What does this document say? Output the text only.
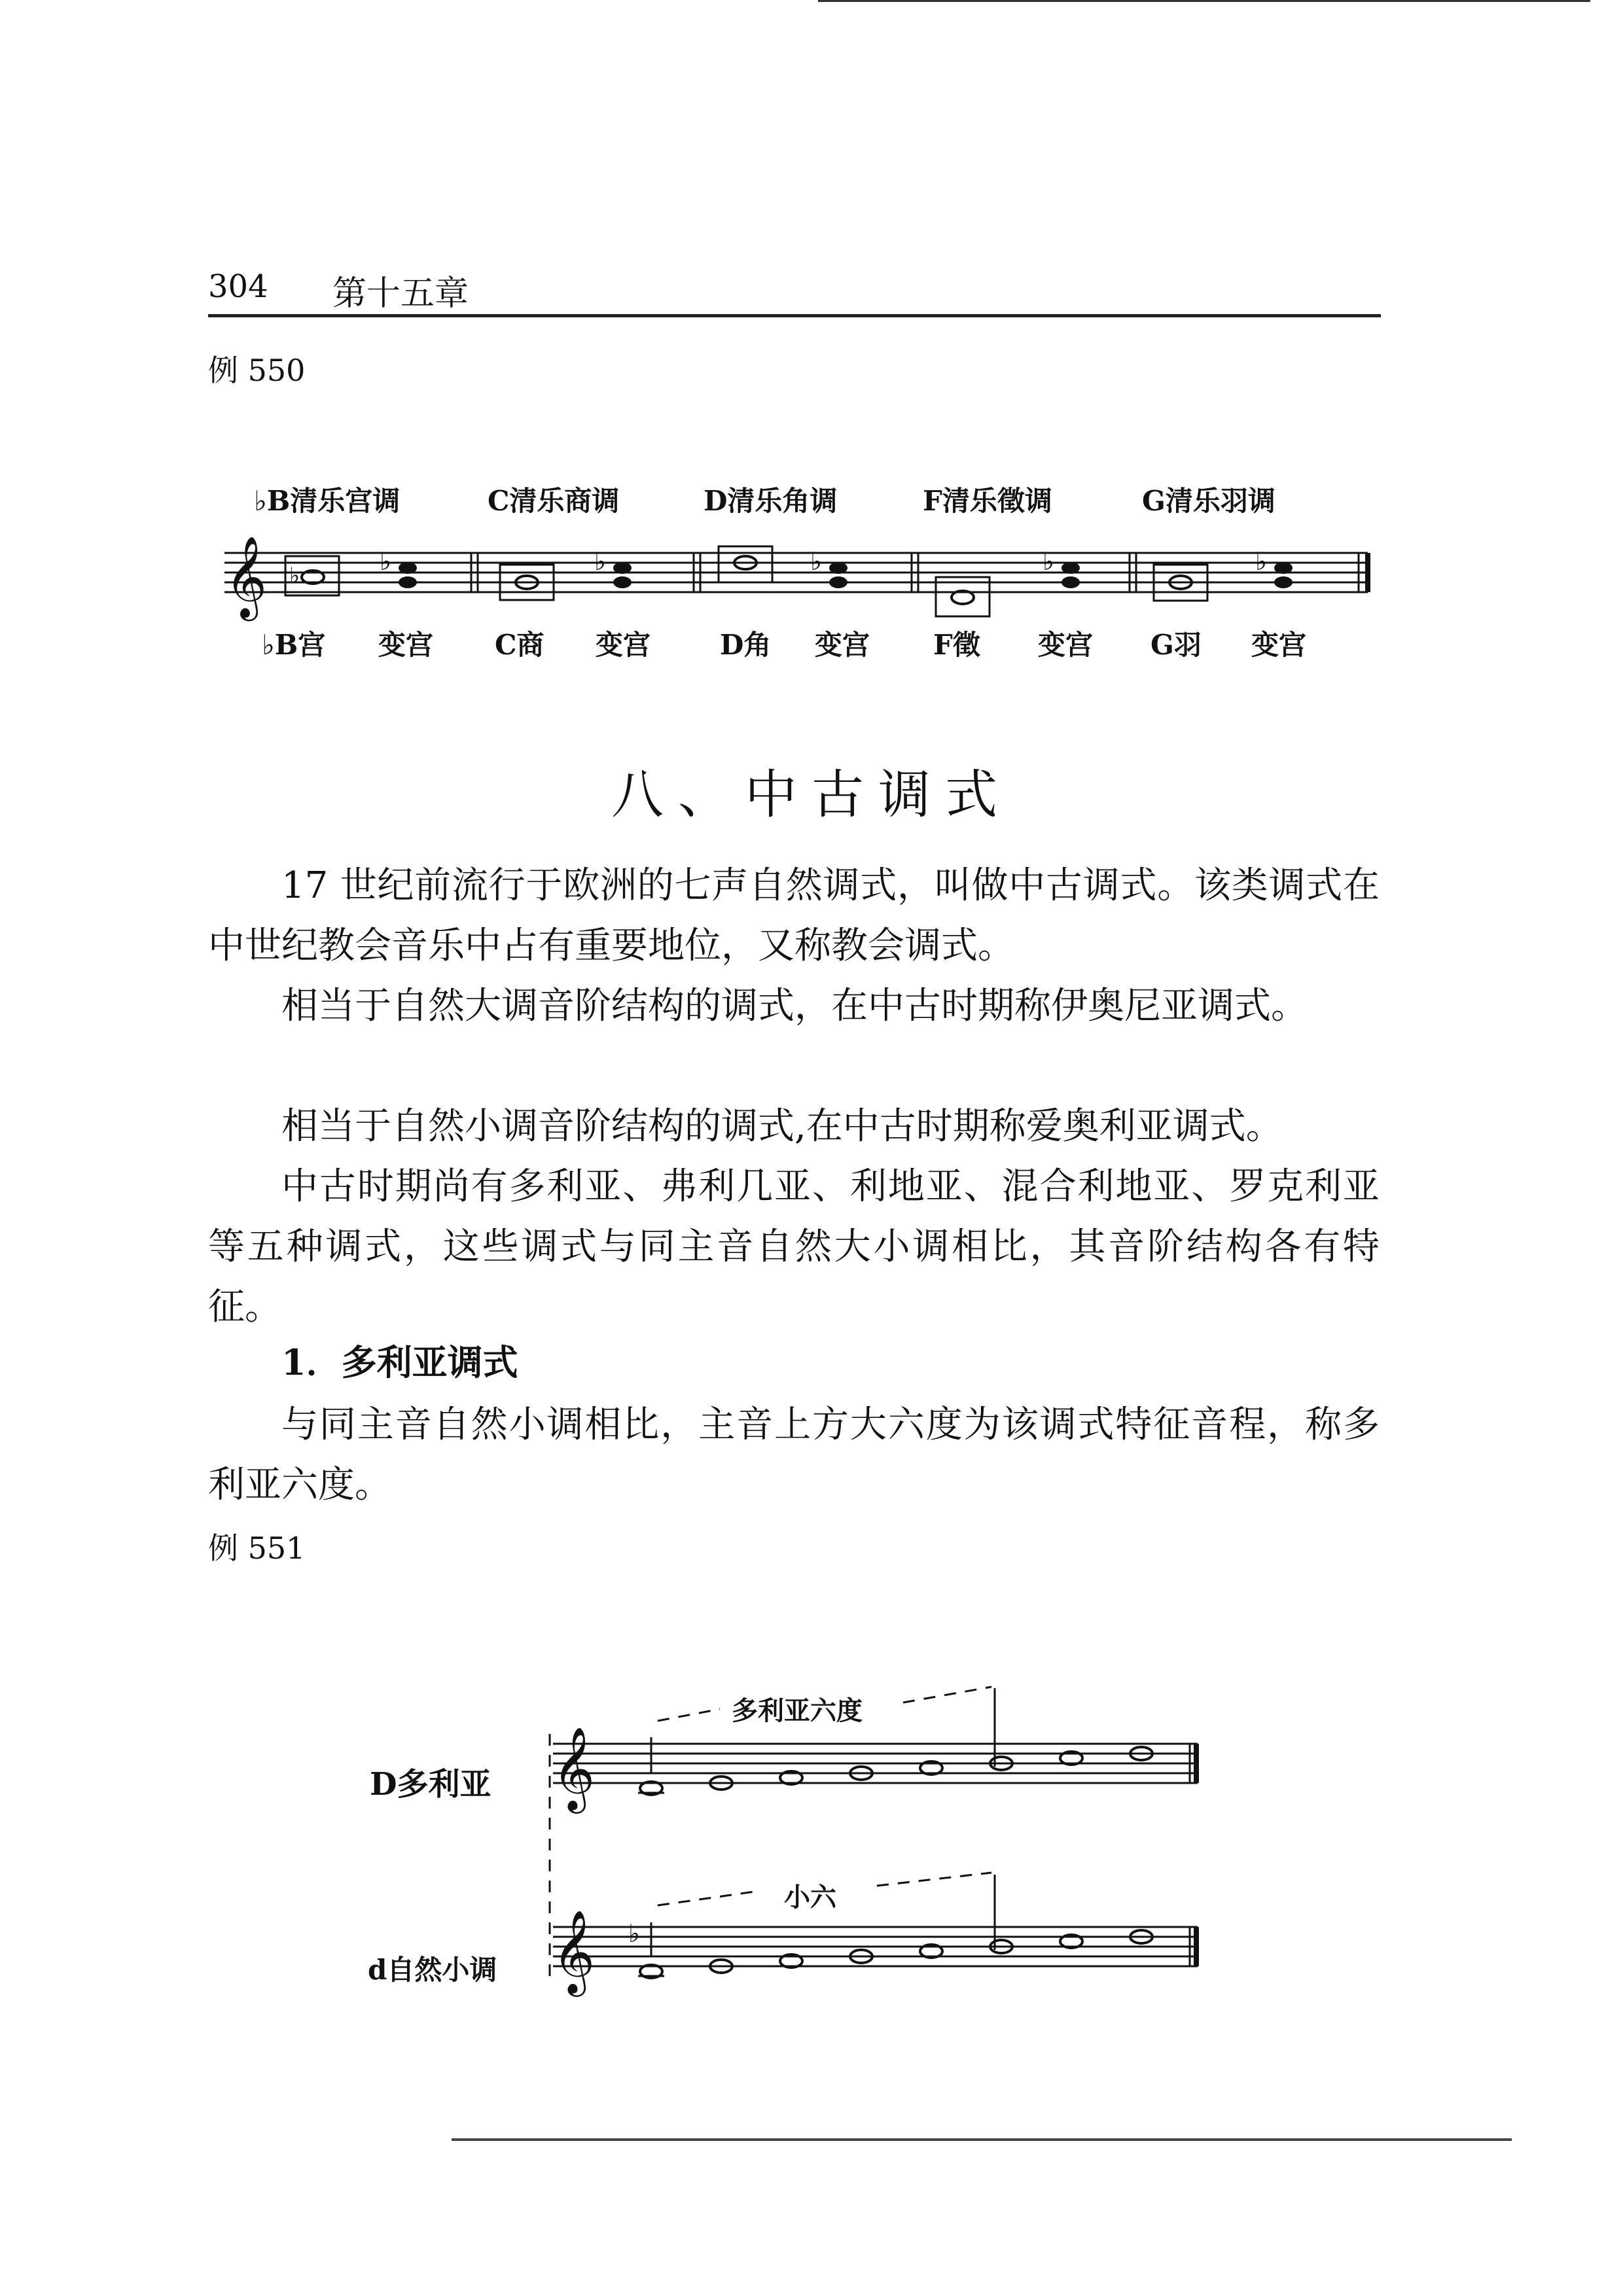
304 第十五章
例 550
♭B清乐宫调	C清乐商调	D清乐角调	F清乐徵调	G清乐羽调
♭B宫 变宫 C商 变宫	D角 变宫 F徵 变宫 G羽 变宫
𝄞 ♭	♭	♭	♭	♭	♭
八、中古调式
17 世纪前流行于欧洲的七声自然调式，叫做中古调式。该类调式在中世纪教会音乐中占有重要地位，又称教会调式。
相当于自然大调音阶结构的调式，在中古时期称伊奥尼亚调式。
相当于自然小调音阶结构的调式,在中古时期称爱奥利亚调式。
中古时期尚有多利亚、弗利几亚、利地亚、混合利地亚、罗克利亚等五种调式，这些调式与同主音自然大小调相比，其音阶结构各有特征。
1．多利亚调式
与同主音自然小调相比，主音上方大六度为该调式特征音程，称多利亚六度。
例 551
D多利亚
d自然小调
多利亚六度
小六
𝄞
𝄞 ♭
